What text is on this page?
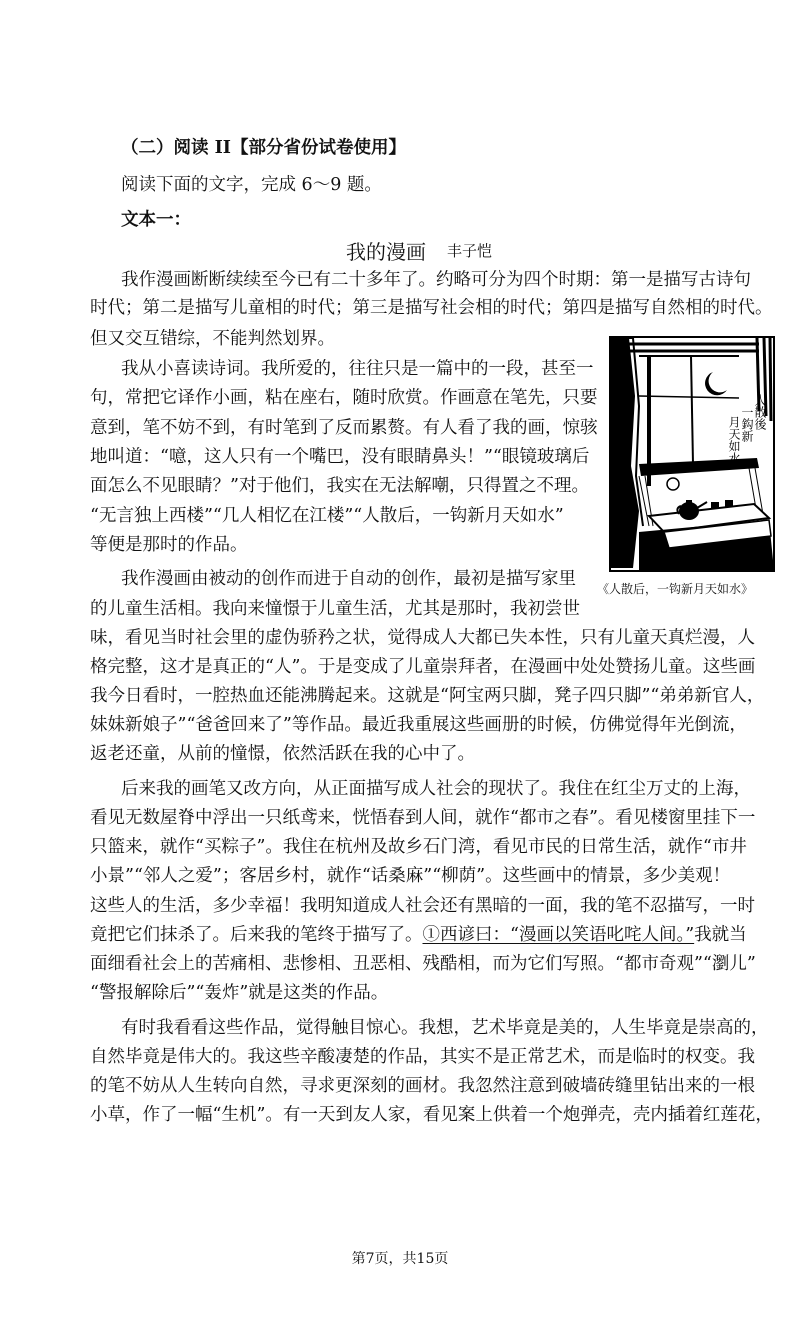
（二）阅读 II【部分省份试卷使用】
阅读下面的文字，完成 6～9 题。
文本一：
我的漫画 丰子恺
我作漫画断断续续至今已有二十多年了。约略可分为四个时期：第一是描写古诗句
时代；第二是描写儿童相的时代；第三是描写社会相的时代；第四是描写自然相的时代。
但又交互错综，不能判然划界。
我从小喜读诗词。我所爱的，往往只是一篇中的一段，甚至一
句，常把它译作小画，粘在座右，随时欣赏。作画意在笔先，只要
意到，笔不妨不到，有时笔到了反而累赘。有人看了我的画，惊骇
地叫道：“噫，这人只有一个嘴巴，没有眼睛鼻头！”“眼镜玻璃后
面怎么不见眼睛？”对于他们，我实在无法解嘲，只得置之不理。
“无言独上西楼”“几人相忆在江楼”“人散后，一钩新月天如水”
等便是那时的作品。
我作漫画由被动的创作而进于自动的创作，最初是描写家里
的儿童生活相。我向来憧憬于儿童生活，尤其是那时，我初尝世
味，看见当时社会里的虚伪骄矜之状，觉得成人大都已失本性，只有儿童天真烂漫，人
格完整，这才是真正的“人”。于是变成了儿童崇拜者，在漫画中处处赞扬儿童。这些画
我今日看时，一腔热血还能沸腾起来。这就是“阿宝两只脚，凳子四只脚”“弟弟新官人，
妹妹新娘子”“爸爸回来了”等作品。最近我重展这些画册的时候，仿佛觉得年光倒流，
返老还童，从前的憧憬，依然活跃在我的心中了。
后来我的画笔又改方向，从正面描写成人社会的现状了。我住在红尘万丈的上海，
看见无数屋脊中浮出一只纸鸢来，恍悟春到人间，就作“都市之春”。看见楼窗里挂下一
只篮来，就作“买粽子”。我住在杭州及故乡石门湾，看见市民的日常生活，就作“市井
小景”“邻人之爱”；客居乡村，就作“话桑麻”“柳荫”。这些画中的情景，多少美观！
这些人的生活，多少幸福！我明知道成人社会还有黑暗的一面，我的笔不忍描写，一时
竟把它们抹杀了。后来我的笔终于描写了。①西谚曰：“漫画以笑语叱咤人间。”我就当
面细看社会上的苦痛相、悲惨相、丑恶相、残酷相，而为它们写照。“都市奇观”“瀏儿”
“警报解除后”“轰炸”就是这类的作品。
有时我看看这些作品，觉得触目惊心。我想，艺术毕竟是美的，人生毕竟是崇高的，
自然毕竟是伟大的。我这些辛酸凄楚的作品，其实不是正常艺术，而是临时的权变。我
的笔不妨从人生转向自然，寻求更深刻的画材。我忽然注意到破墙砖缝里钻出来的一根
小草，作了一幅“生机”。有一天到友人家，看见案上供着一个炮弹壳，壳内插着红莲花，
人散後
一鈎新
月天如水
《人散后，一钩新月天如水》
第7页，共15页
